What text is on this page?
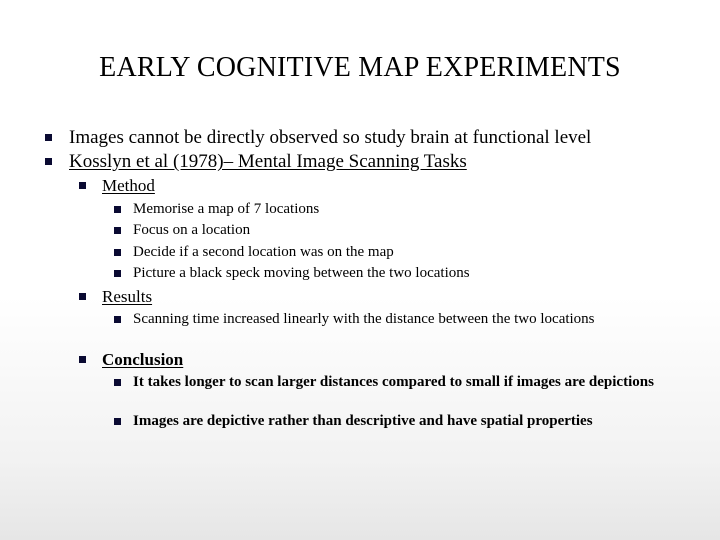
EARLY COGNITIVE MAP EXPERIMENTS
Images cannot be directly observed so study brain at functional level
Kosslyn et al (1978)– Mental Image Scanning Tasks
Method
Memorise a map of 7 locations
Focus on a location
Decide if a second location was on the map
Picture a black speck moving between the two locations
Results
Scanning time increased linearly with the distance between the two locations
Conclusion
It takes longer to scan larger distances compared to small if images are depictions
Images are depictive rather than descriptive and have spatial properties
